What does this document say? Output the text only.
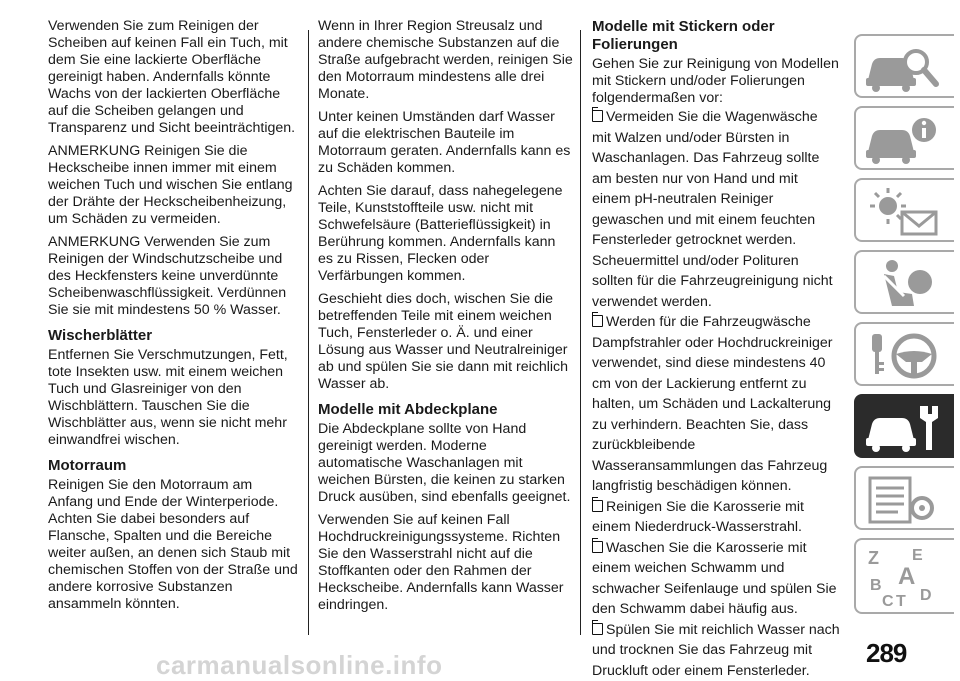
Verwenden Sie zum Reinigen der Scheiben auf keinen Fall ein Tuch, mit dem Sie eine lackierte Oberfläche gereinigt haben. Andernfalls könnte Wachs von der lackierten Oberfläche auf die Scheiben gelangen und Transparenz und Sicht beeinträchtigen.

ANMERKUNG Reinigen Sie die Heckscheibe innen immer mit einem weichen Tuch und wischen Sie entlang der Drähte der Heckscheibenheizung, um Schäden zu vermeiden.

ANMERKUNG Verwenden Sie zum Reinigen der Windschutzscheibe und des Heckfensters keine unverdünnte Scheibenwaschflüssigkeit. Verdünnen Sie sie mit mindestens 50 % Wasser.

Wischerblätter

Entfernen Sie Verschmutzungen, Fett, tote Insekten usw. mit einem weichen Tuch und Glasreiniger von den Wischblättern. Tauschen Sie die Wischblätter aus, wenn sie nicht mehr einwandfrei wischen.

Motorraum

Reinigen Sie den Motorraum am Anfang und Ende der Winterperiode. Achten Sie dabei besonders auf Flansche, Spalten und die Bereiche weiter außen, an denen sich Staub mit chemischen Stoffen von der Straße und andere korrosive Substanzen ansammeln könnten.

Wenn in Ihrer Region Streusalz und andere chemische Substanzen auf die Straße aufgebracht werden, reinigen Sie den Motorraum mindestens alle drei Monate.

Unter keinen Umständen darf Wasser auf die elektrischen Bauteile im Motorraum geraten. Andernfalls kann es zu Schäden kommen.

Achten Sie darauf, dass nahegelegene Teile, Kunststoffteile usw. nicht mit Schwefelsäure (Batterieflüssigkeit) in Berührung kommen. Andernfalls kann es zu Rissen, Flecken oder Verfärbungen kommen.

Geschieht dies doch, wischen Sie die betreffenden Teile mit einem weichen Tuch, Fensterleder o. Ä. und einer Lösung aus Wasser und Neutralreiniger ab und spülen Sie sie dann mit reichlich Wasser ab.

Modelle mit Abdeckplane

Die Abdeckplane sollte von Hand gereinigt werden. Moderne automatische Waschanlagen mit weichen Bürsten, die keinen zu starken Druck ausüben, sind ebenfalls geeignet.

Verwenden Sie auf keinen Fall Hochdruckreinigungssysteme. Richten Sie den Wasserstrahl nicht auf die Stoffkanten oder den Rahmen der Heckscheibe. Andernfalls kann Wasser eindringen.

Modelle mit Stickern oder Folierungen

Gehen Sie zur Reinigung von Modellen mit Stickern und/oder Folierungen folgendermaßen vor:

Vermeiden Sie die Wagenwäsche mit Walzen und/oder Bürsten in Waschanlagen. Das Fahrzeug sollte am besten nur von Hand und mit einem pH-neutralen Reiniger gewaschen und mit einem feuchten Fensterleder getrocknet werden. Scheuermittel und/oder Polituren sollten für die Fahrzeugreinigung nicht verwendet werden.

Werden für die Fahrzeugwäsche Dampfstrahler oder Hochdruckreiniger verwendet, sind diese mindestens 40 cm von der Lackierung entfernt zu halten, um Schäden und Lackalterung zu verhindern. Beachten Sie, dass zurückbleibende Wasseransammlungen das Fahrzeug langfristig beschädigen können.

Reinigen Sie die Karosserie mit einem Niederdruck-Wasserstrahl.

Waschen Sie die Karosserie mit einem weichen Schwamm und schwacher Seifenlauge und spülen Sie den Schwamm dabei häufig aus.

Spülen Sie mit reichlich Wasser nach und trocknen Sie das Fahrzeug mit Druckluft oder einem Fensterleder.

Z E
A
B
C T D
289
carmanualsonline.info
